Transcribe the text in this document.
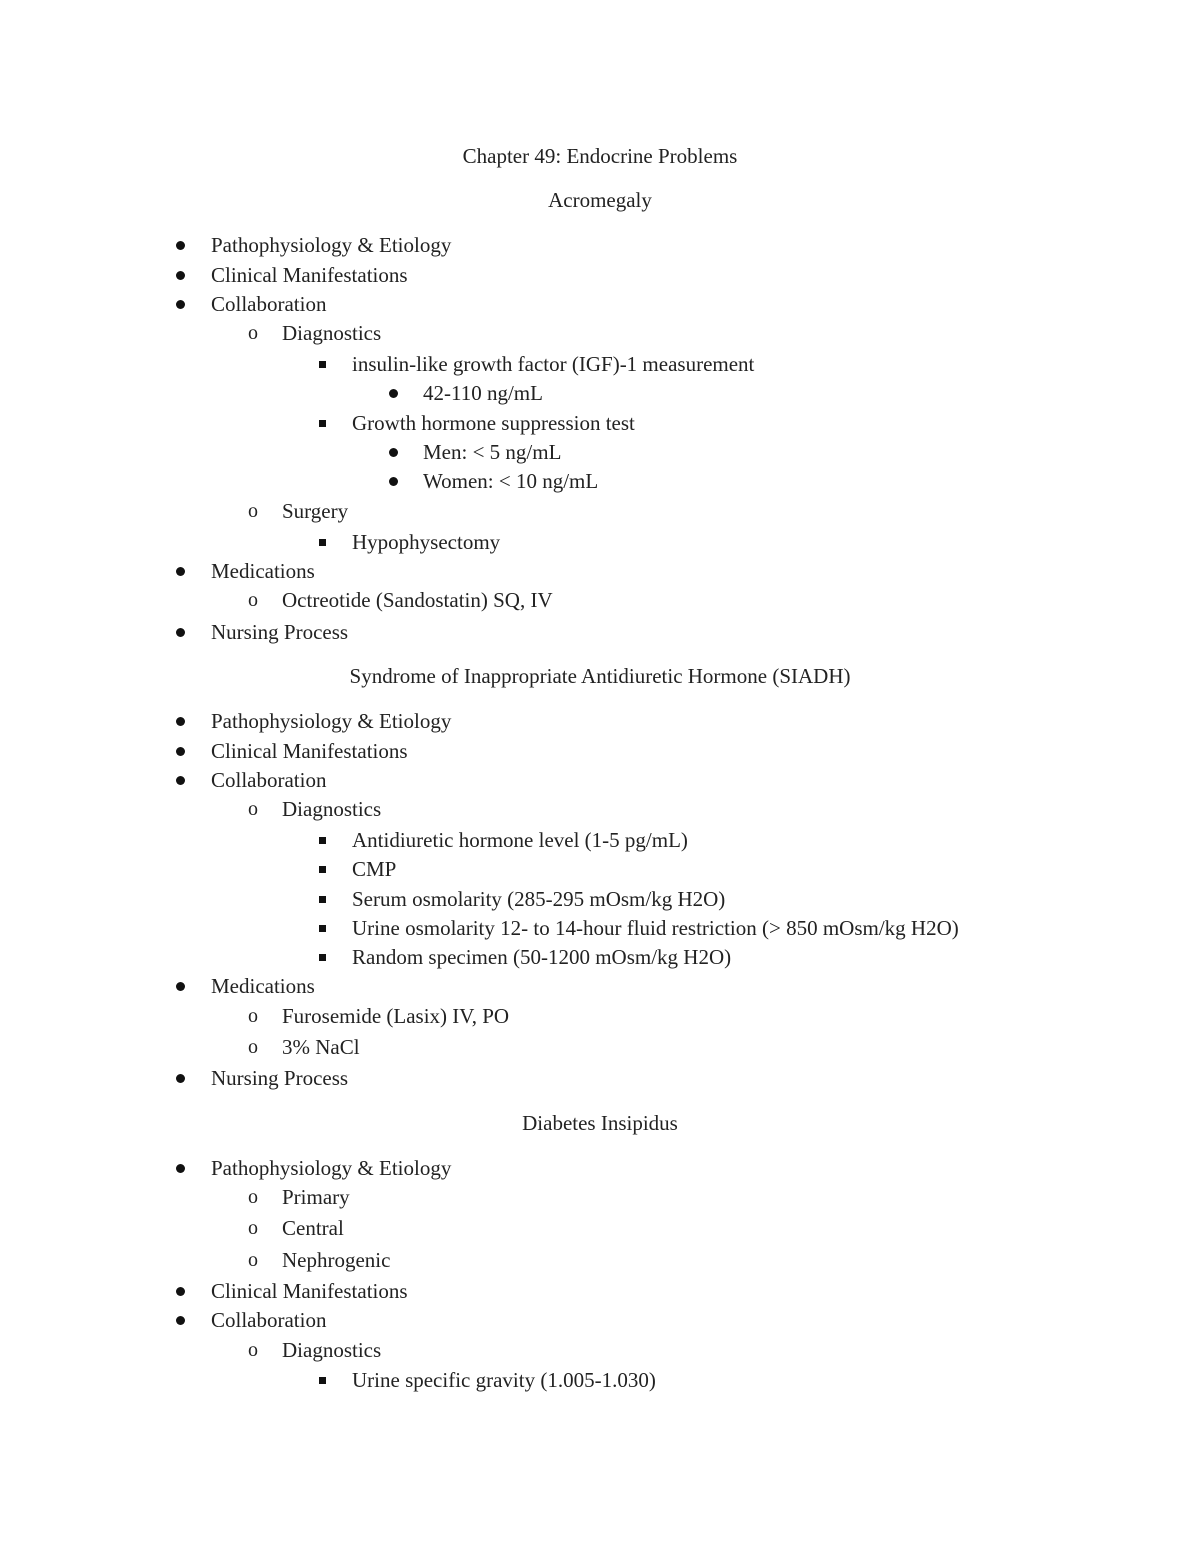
Chapter 49: Endocrine Problems
Acromegaly
Pathophysiology & Etiology
Clinical Manifestations
Collaboration
o Diagnostics
insulin-like growth factor (IGF)-1 measurement
42-110 ng/mL
Growth hormone suppression test
Men: < 5 ng/mL
Women: < 10 ng/mL
o Surgery
Hypophysectomy
Medications
o Octreotide (Sandostatin) SQ, IV
Nursing Process
Syndrome of Inappropriate Antidiuretic Hormone (SIADH)
Pathophysiology & Etiology
Clinical Manifestations
Collaboration
o Diagnostics
Antidiuretic hormone level (1-5 pg/mL)
CMP
Serum osmolarity (285-295 mOsm/kg H2O)
Urine osmolarity 12- to 14-hour fluid restriction (> 850 mOsm/kg H2O)
Random specimen (50-1200 mOsm/kg H2O)
Medications
o Furosemide (Lasix) IV, PO
o 3% NaCl
Nursing Process
Diabetes Insipidus
Pathophysiology & Etiology
o Primary
o Central
o Nephrogenic
Clinical Manifestations
Collaboration
o Diagnostics
Urine specific gravity (1.005-1.030)
